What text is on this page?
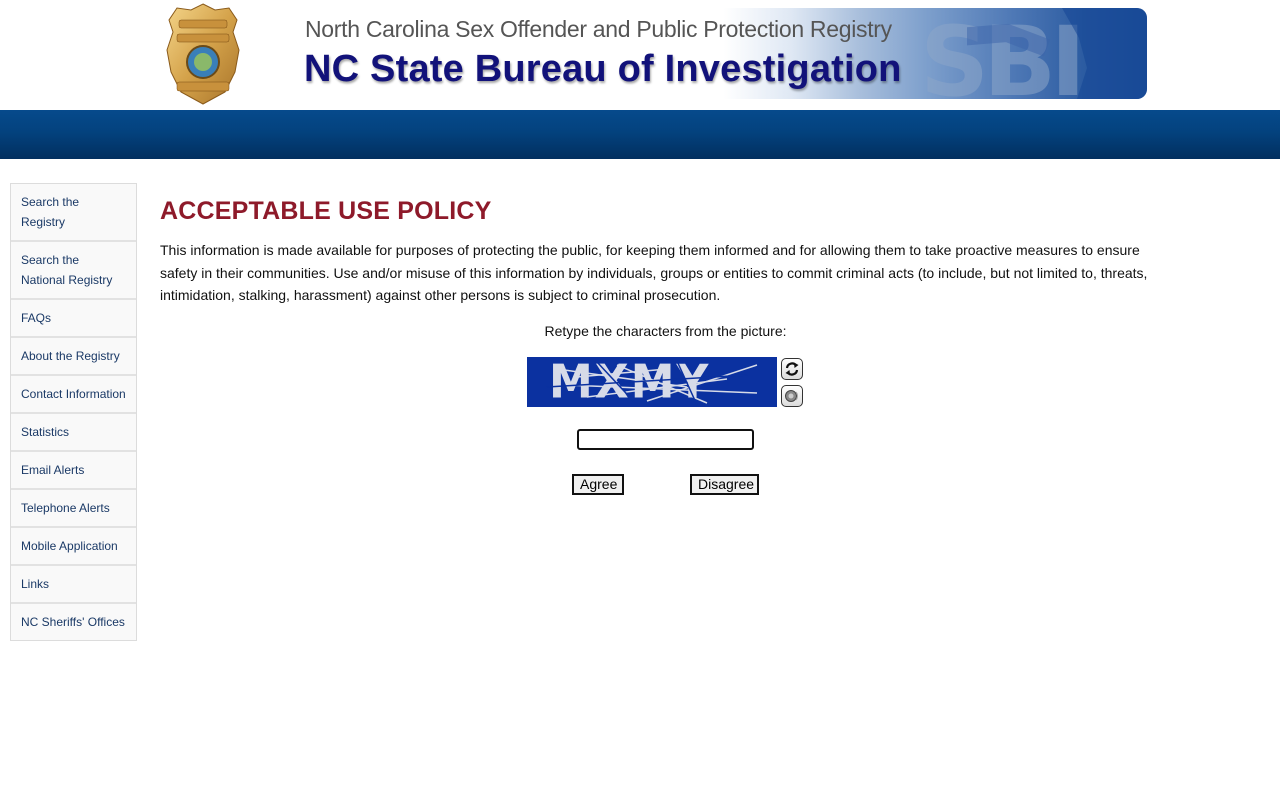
SBI
North Carolina Sex Offender and Public Protection Registry
NC State Bureau of Investigation
Search the Registry
Search the National Registry
FAQs
About the Registry
Contact Information
Statistics
Email Alerts
Telephone Alerts
Mobile Application
Links
NC Sheriffs' Offices
ACCEPTABLE USE POLICY

This information is made available for purposes of protecting the public, for keeping them informed and for allowing them to take proactive measures to ensure safety in their communities. Use and/or misuse of this information by individuals, groups or entities to commit criminal acts (to include, but not limited to, threats, intimidation, stalking, harassment) against other persons is subject to criminal prosecution.

Retype the characters from the picture:
MXMY
Agree	Disagree
